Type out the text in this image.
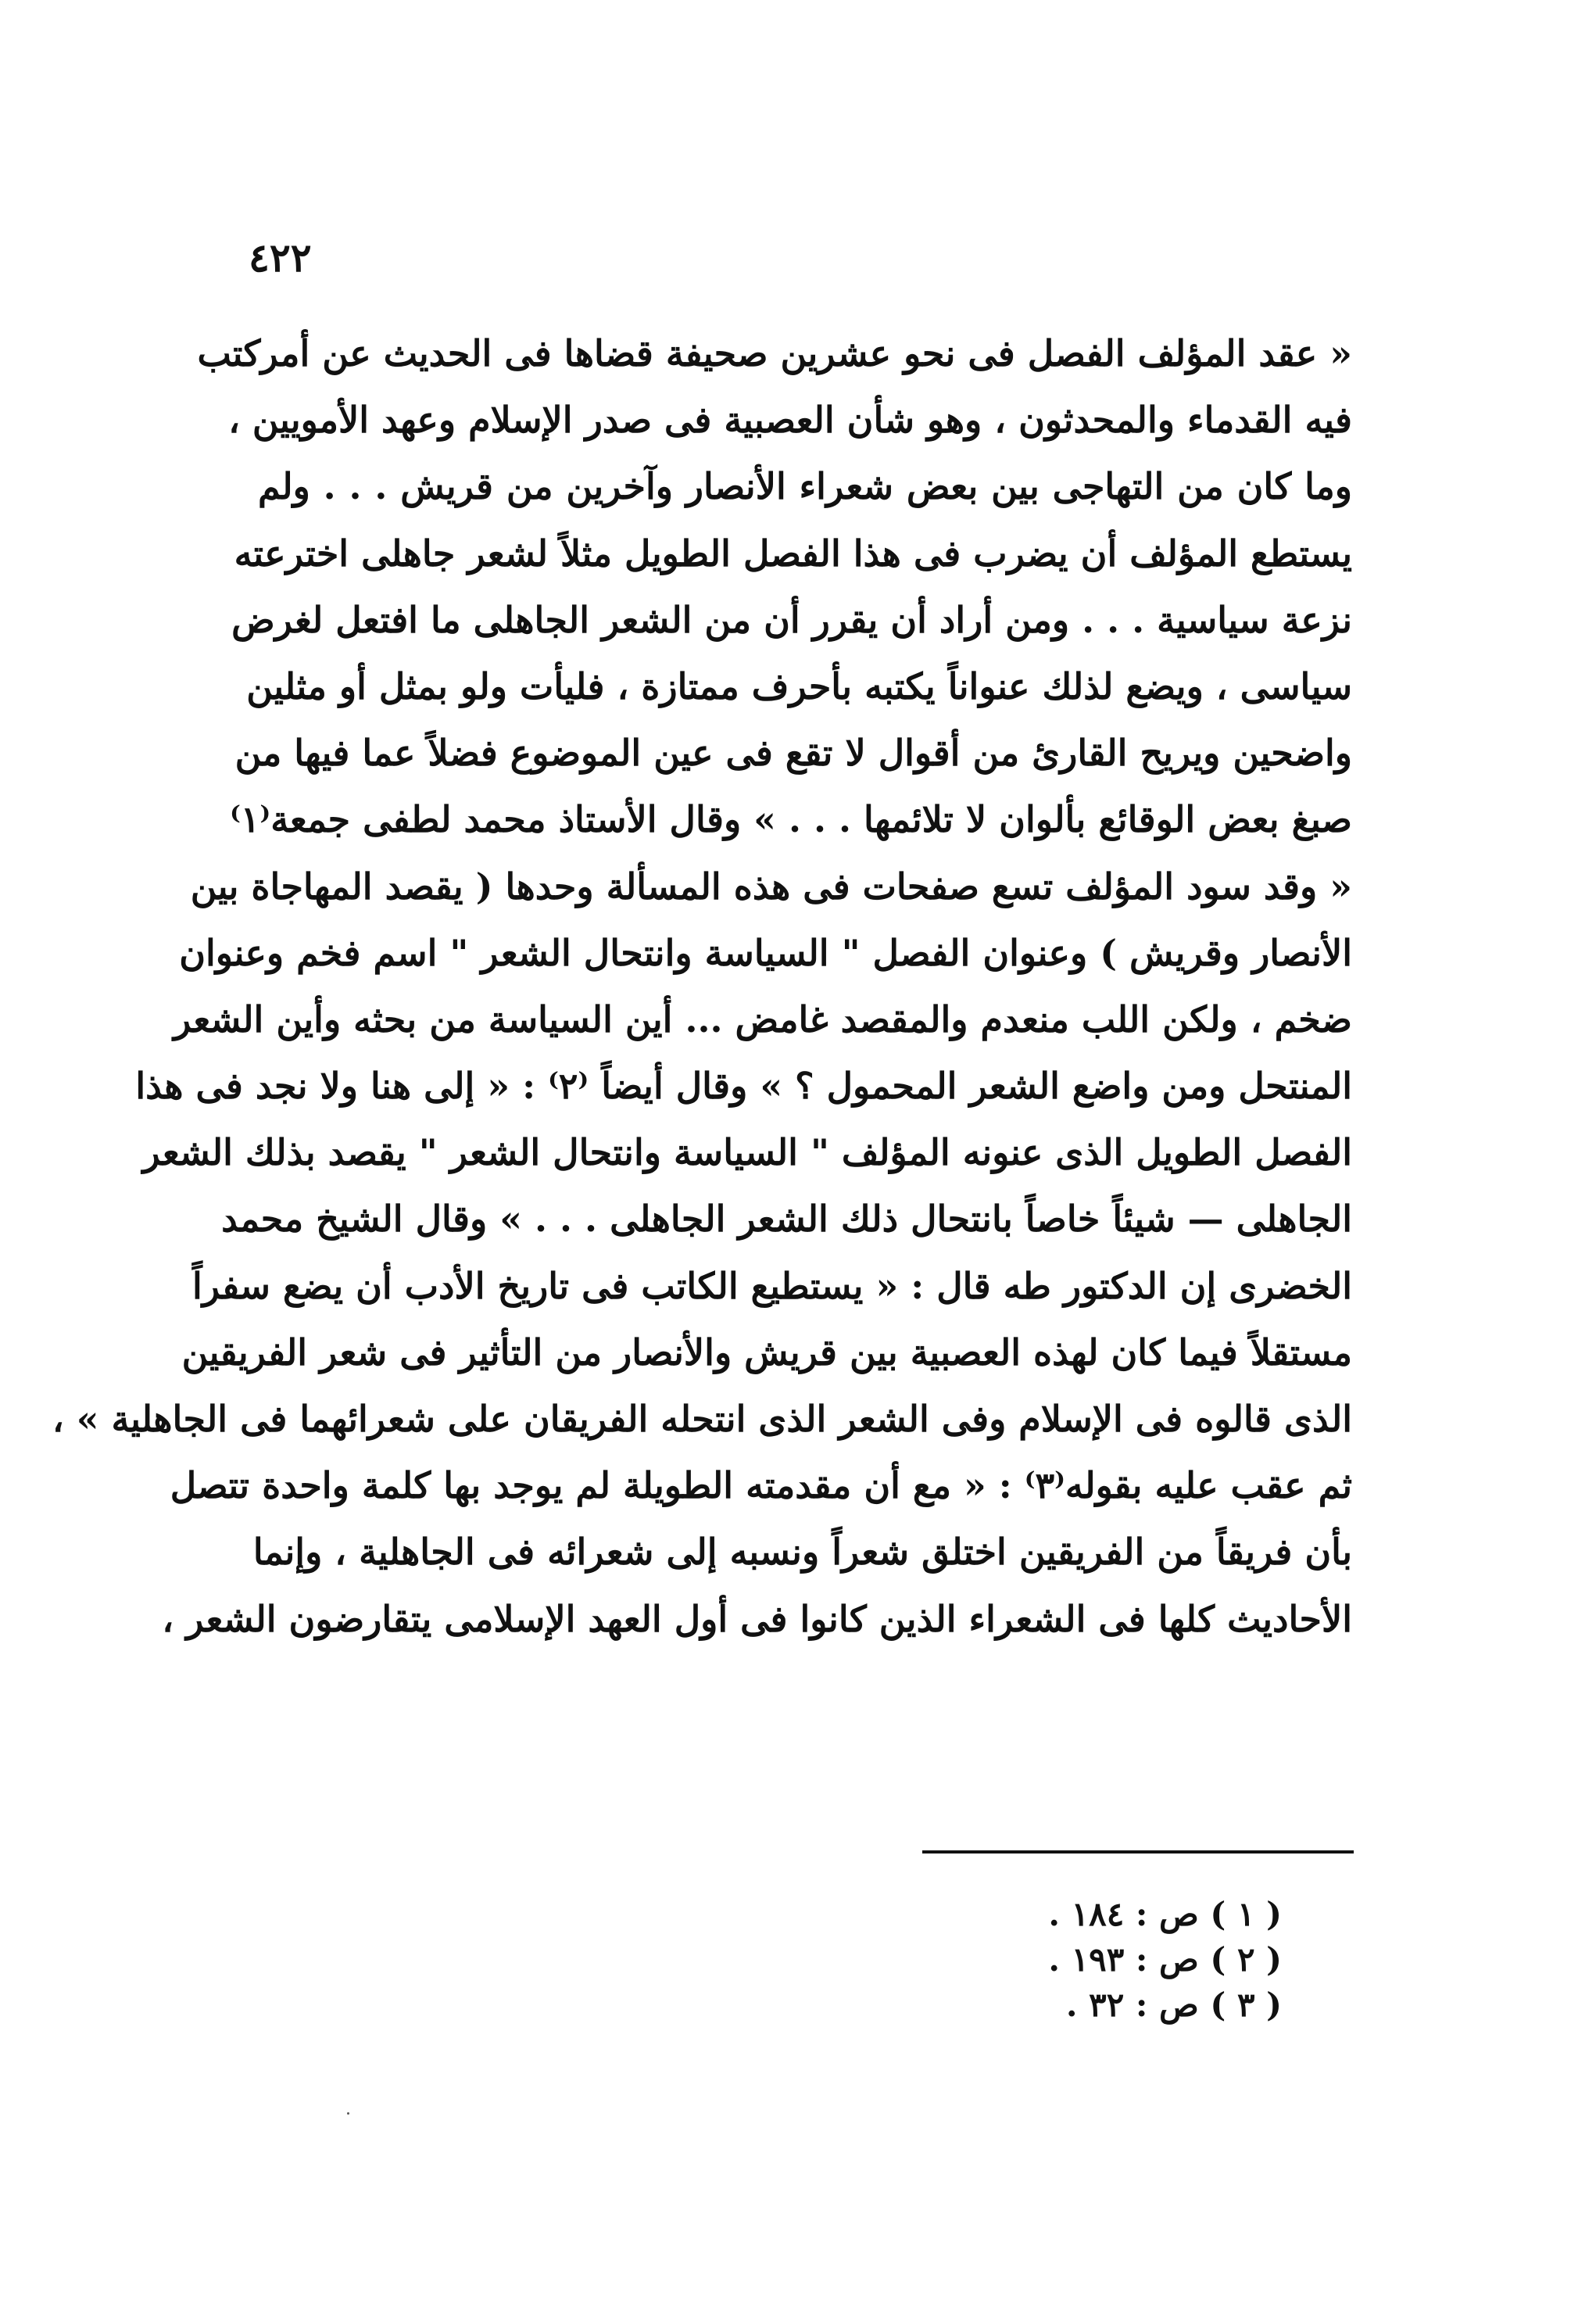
٤٢٢
« عقد المؤلف الفصل فى نحو عشرين صحيفة قضاها فى الحديث عن أمركتب
فيه القدماء والمحدثون ، وهو شأن العصبية فى صدر الإسلام وعهد الأمويين ،
وما كان من التهاجى بين بعض شعراء الأنصار وآخرين من قريش . . . ولم
يستطع المؤلف أن يضرب فى هذا الفصل الطويل مثلاً لشعر جاهلى اخترعته
نزعة سياسية . . . ومن أراد أن يقرر أن من الشعر الجاهلى ما افتعل لغرض
سياسى ، ويضع لذلك عنواناً يكتبه بأحرف ممتازة ، فليأت ولو بمثل أو مثلين
واضحين ويريح القارئ من أقوال لا تقع فى عين الموضوع فضلاً عما فيها من
صبغ بعض الوقائع بألوان لا تلائمها . . . » وقال الأستاذ محمد لطفى جمعة⁽١⁾
« وقد سود المؤلف تسع صفحات فى هذه المسألة وحدها ( يقصد المهاجاة بين
الأنصار وقريش ) وعنوان الفصل " السياسة وانتحال الشعر " اسم فخم وعنوان
ضخم ، ولكن اللب منعدم والمقصد غامض ... أين السياسة من بحثه وأين الشعر
المنتحل ومن واضع الشعر المحمول ؟ » وقال أيضاً ⁽٢⁾ : « إلى هنا ولا نجد فى هذا
الفصل الطويل الذى عنونه المؤلف " السياسة وانتحال الشعر " يقصد بذلك الشعر
الجاهلى — شيئاً خاصاً بانتحال ذلك الشعر الجاهلى . . . » وقال الشيخ محمد
الخضرى إن الدكتور طه قال : « يستطيع الكاتب فى تاريخ الأدب أن يضع سفراً
مستقلاً فيما كان لهذه العصبية بين قريش والأنصار من التأثير فى شعر الفريقين
الذى قالوه فى الإسلام وفى الشعر الذى انتحله الفريقان على شعرائهما فى الجاهلية » ،
ثم عقب عليه بقوله⁽٣⁾ : « مع أن مقدمته الطويلة لم يوجد بها كلمة واحدة تتصل
بأن فريقاً من الفريقين اختلق شعراً ونسبه إلى شعرائه فى الجاهلية ، وإنما
الأحاديث كلها فى الشعراء الذين كانوا فى أول العهد الإسلامى يتقارضون الشعر ،
( ١ ) ص : ١٨٤ .
( ٢ ) ص : ١٩٣ .
( ٣ ) ص : ٣٢ .
